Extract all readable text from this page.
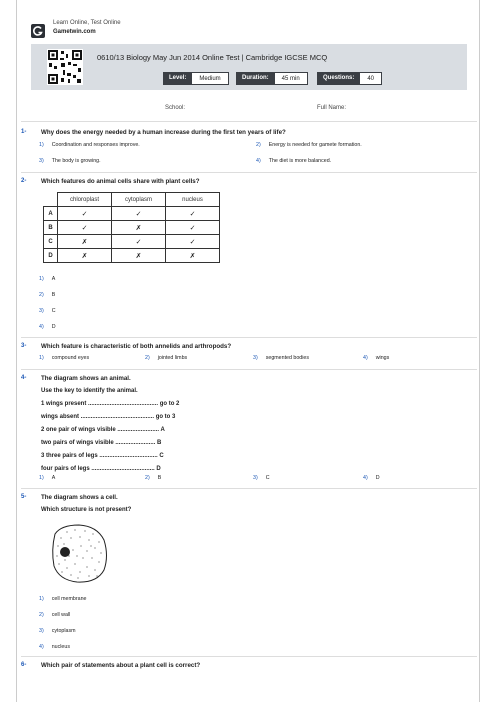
Learn Online, Test Online
Gametwin.com
0610/13 Biology May Jun 2014 Online Test | Cambridge IGCSE MCQ
Level:	Medium	Duration:	45 min	Questions:	40
School:	Full Name:
1- Why does the energy needed by a human increase during the first ten years of life?
1) Coordination and responses improve.	2) Energy is needed for gamete formation.
3) The body is growing.	4) The diet is more balanced.
2- Which features do animal cells share with plant cells?
	chloroplast	cytoplasm	nucleus
A	✓	✓	✓
B	✓	✗	✓
C	✗	✓	✓
D	✗	✗	✗
1) A
2) B
3) C
4) D
3- Which feature is characteristic of both annelids and arthropods?
1) compound eyes	2) jointed limbs	3) segmented bodies	4) wings
4- The diagram shows an animal.
Use the key to identify the animal.
1 wings present .......................................... go to 2
wings absent ............................................ go to 3
2 one pair of wings visible ......................... A
two pairs of wings visible ........................ B
3 three pairs of legs ................................... C
four pairs of legs ...................................... D
1) A	2) B	3) C	4) D
5- The diagram shows a cell.
Which structure is not present?
1) cell membrane
2) cell wall
3) cytoplasm
4) nucleus
6- Which pair of statements about a plant cell is correct?
